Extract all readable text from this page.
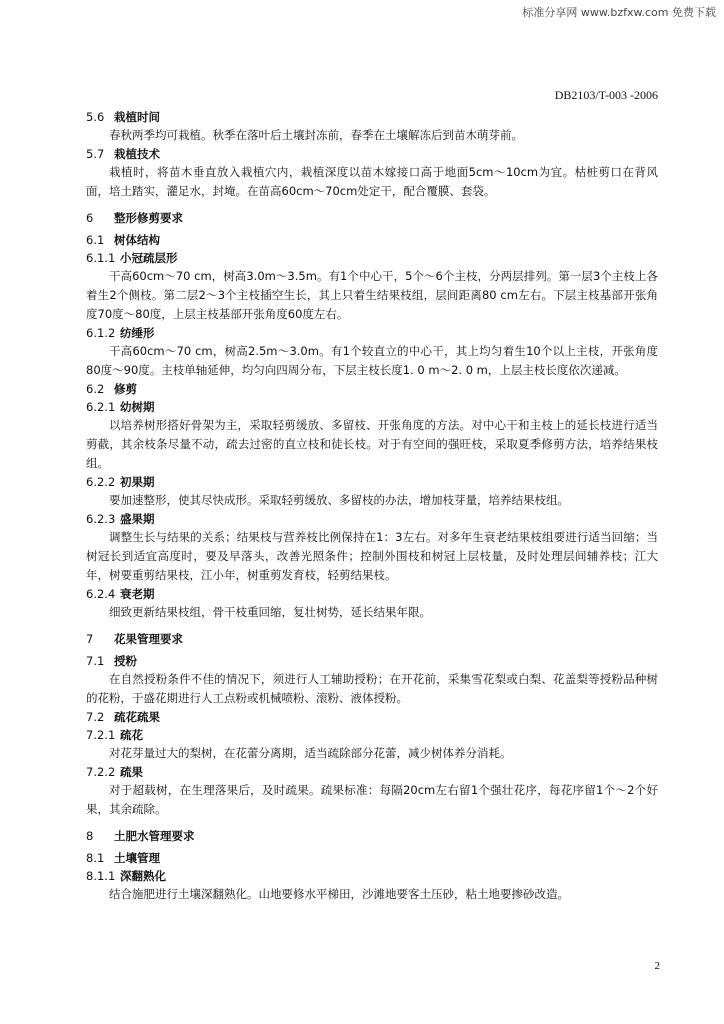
标准分享网 www.bzfxw.com 免费下载
DB2103/T-003 -2006
5.6 栽植时间
春秋两季均可栽植。秋季在落叶后土壤封冻前，春季在土壤解冻后到苗木萌芽前。
5.7 栽植技术
栽植时，将苗木垂直放入栽植穴内，栽植深度以苗木嫁接口高于地面5cm～10cm为宜。枯桩剪口在背风面，培土踏实，灌足水，封埯。在苗高60cm～70cm处定干，配合覆膜、套袋。
6 整形修剪要求
6.1 树体结构
6.1.1 小冠疏层形
干高60cm～70 cm，树高3.0m～3.5m。有1个中心干，5个～6个主枝，分两层排列。第一层3个主枝上各着生2个侧枝。第二层2～3个主枝插空生长，其上只着生结果枝组，层间距离80 cm左右。下层主枝基部开张角度70度～80度，上层主枝基部开张角度60度左右。
6.1.2 纺缍形
干高60cm～70 cm，树高2.5m～3.0m。有1个较直立的中心干，其上均匀着生10个以上主枝，开张角度80度～90度。主枝单轴延伸，均匀向四周分布，下层主枝长度1. 0 m～2. 0 m，上层主枝长度依次递减。
6.2 修剪
6.2.1 幼树期
以培养树形搭好骨架为主，采取轻剪缓放、多留枝、开张角度的方法。对中心干和主枝上的延长枝进行适当剪截，其余枝条尽量不动，疏去过密的直立枝和徒长枝。对于有空间的强旺枝，采取夏季修剪方法，培养结果枝组。
6.2.2 初果期
要加速整形，使其尽快成形。采取轻剪缓放、多留枝的办法，增加枝芽量，培养结果枝组。
6.2.3 盛果期
调整生长与结果的关系；结果枝与营养枝比例保持在1：3左右。对多年生衰老结果枝组要进行适当回缩；当树冠长到适宜高度时，要及早落头，改善光照条件；控制外围枝和树冠上层枝量，及时处理层间辅养枝；江大年，树要重剪结果枝，江小年，树重剪发育枝，轻剪结果枝。
6.2.4 衰老期
细致更新结果枝组，骨干枝重回缩，复壮树势，延长结果年限。
7 花果管理要求
7.1 授粉
在自然授粉条件不佳的情况下，须进行人工辅助授粉；在开花前，采集雪花梨或白梨、花盖梨等授粉品种树的花粉，于盛花期进行人工点粉或机械喷粉、滚粉、液体授粉。
7.2 疏花疏果
7.2.1 疏花
对花芽量过大的梨树，在花蕾分离期，适当疏除部分花蕾，减少树体养分消耗。
7.2.2 疏果
对于超载树，在生理落果后，及时疏果。疏果标准：每隔20cm左右留1个强壮花序，每花序留1个～2个好果，其余疏除。
8 土肥水管理要求
8.1 土壤管理
8.1.1 深翻熟化
结合施肥进行土壤深翻熟化。山地要修水平梯田，沙滩地要客土压砂，粘土地要掺砂改造。
2
